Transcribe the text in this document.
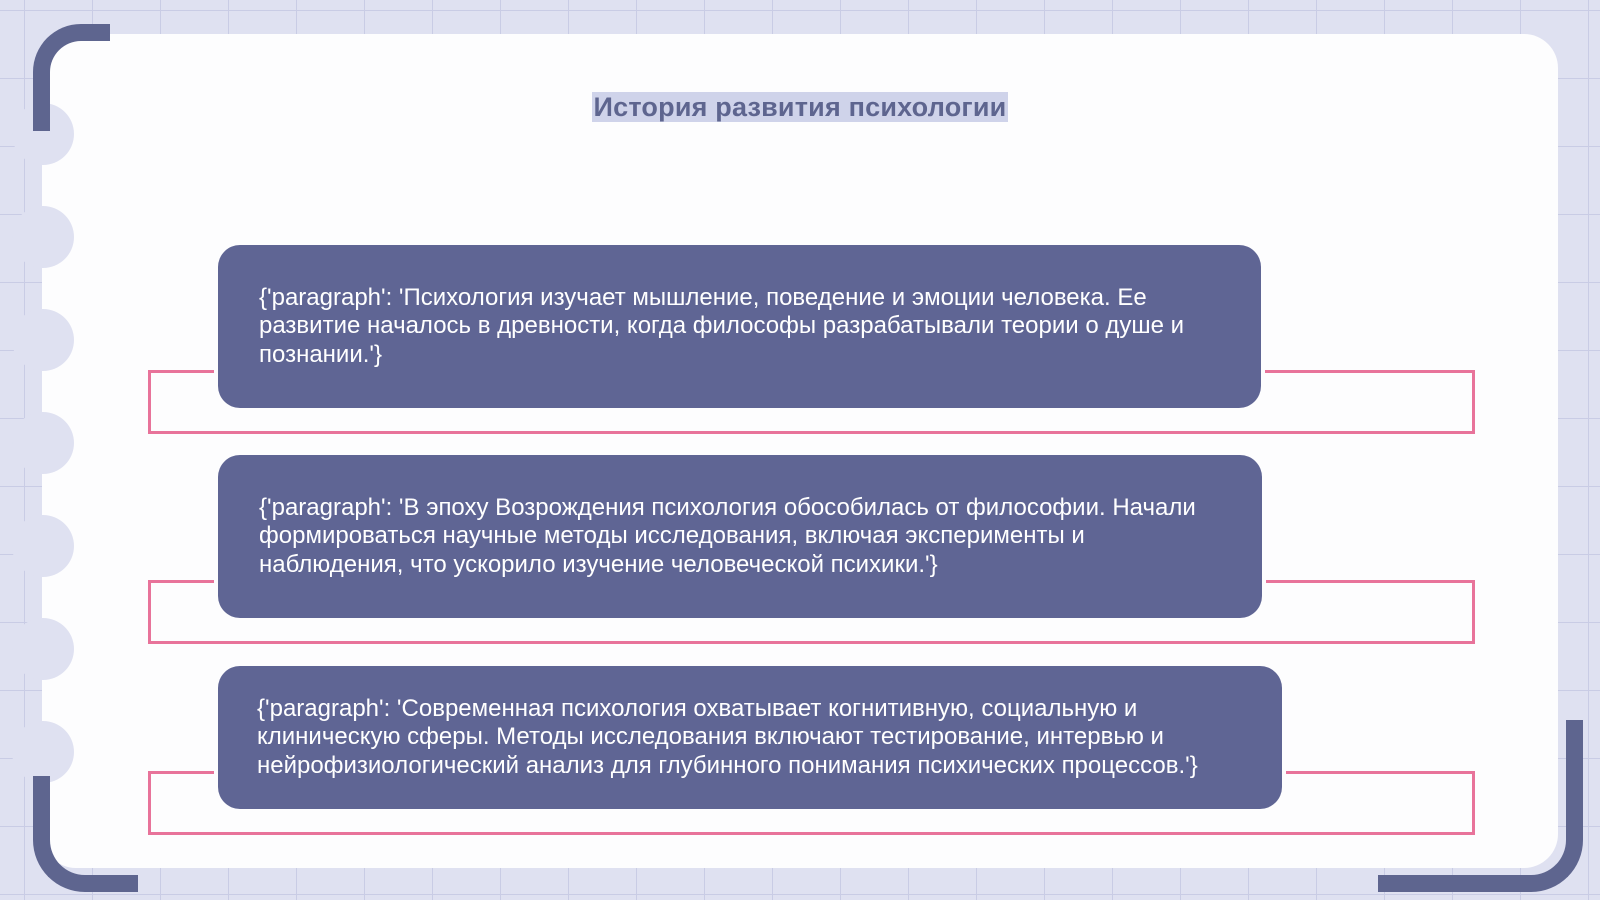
История развития психологии

{'paragraph': 'Психология изучает мышление, поведение и эмоции человека. Ее развитие началось в древности, когда философы разрабатывали теории о душе и познании.'}

{'paragraph': 'В эпоху Возрождения психология обособилась от философии. Начали формироваться научные методы исследования, включая эксперименты и наблюдения, что ускорило изучение человеческой психики.'}

{'paragraph': 'Современная психология охватывает когнитивную, социальную и клиническую сферы. Методы исследования включают тестирование, интервью и нейрофизиологический анализ для глубинного понимания психических процессов.'}
